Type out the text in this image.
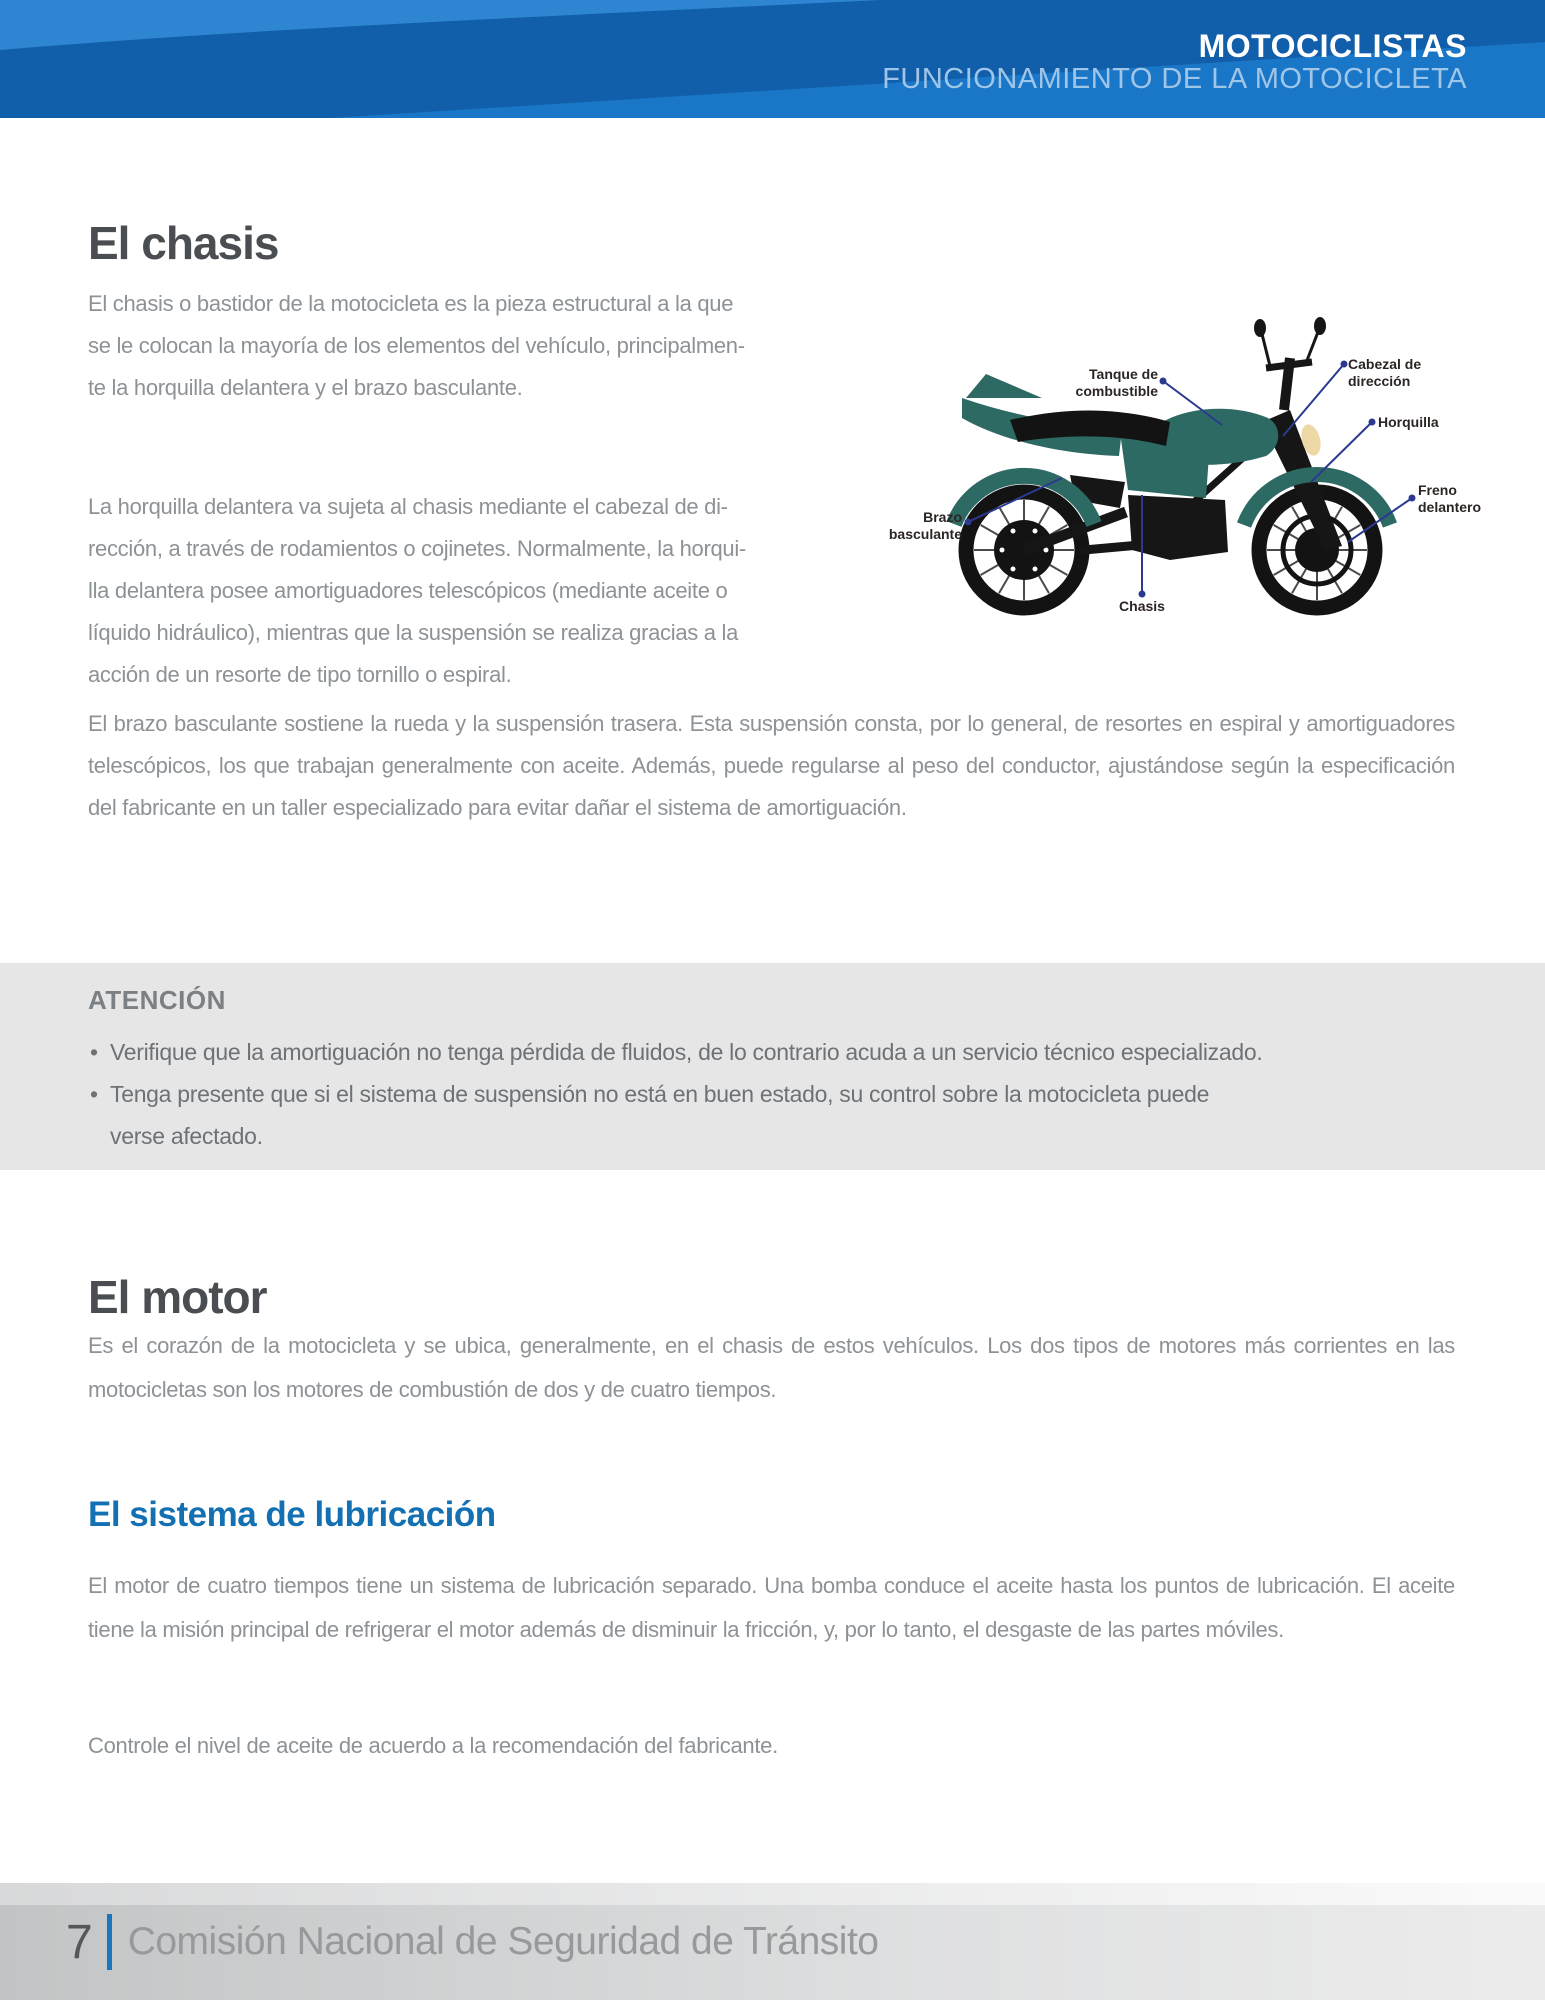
MOTOCICLISTAS
FUNCIONAMIENTO DE LA MOTOCICLETA
El chasis
El chasis o bastidor de la motocicleta es la pieza estructural a la que
se le colocan la mayoría de los elementos del vehículo, principalmen-
te la horquilla delantera y el brazo basculante.
La horquilla delantera va sujeta al chasis mediante el cabezal de di-
rección, a través de rodamientos o cojinetes. Normalmente, la horqui-
lla delantera posee amortiguadores telescópicos (mediante aceite o
líquido hidráulico), mientras que la suspensión se realiza gracias a la
acción de un resorte de tipo tornillo o espiral.
El brazo basculante sostiene la rueda y la suspensión trasera. Esta suspensión consta, por lo general, de resortes en espiral y amortiguadores telescópicos, los que trabajan generalmente con aceite. Además, puede regularse al peso del conductor, ajustándose según la especificación del fabricante en un taller especializado para evitar dañar el sistema de amortiguación.
Tanque de
combustible
Cabezal de
dirección
Horquilla
Freno
delantero
Brazo
basculante
Chasis
ATENCIÓN
• Verifique que la amortiguación no tenga pérdida de fluidos, de lo contrario acuda a un servicio técnico especializado.
• Tenga presente que si el sistema de suspensión no está en buen estado, su control sobre la motocicleta puede
verse afectado.
El motor
Es el corazón de la motocicleta y se ubica, generalmente, en el chasis de estos vehículos. Los dos tipos de motores más corrientes en las motocicletas son los motores de combustión de dos y de cuatro tiempos.
El sistema de lubricación
El motor de cuatro tiempos tiene un sistema de lubricación separado. Una bomba conduce el aceite hasta los puntos de lubricación. El aceite tiene la misión principal de refrigerar el motor además de disminuir la fricción, y, por lo tanto, el desgaste de las partes móviles.
Controle el nivel de aceite de acuerdo a la recomendación del fabricante.
7 Comisión Nacional de Seguridad de Tránsito
